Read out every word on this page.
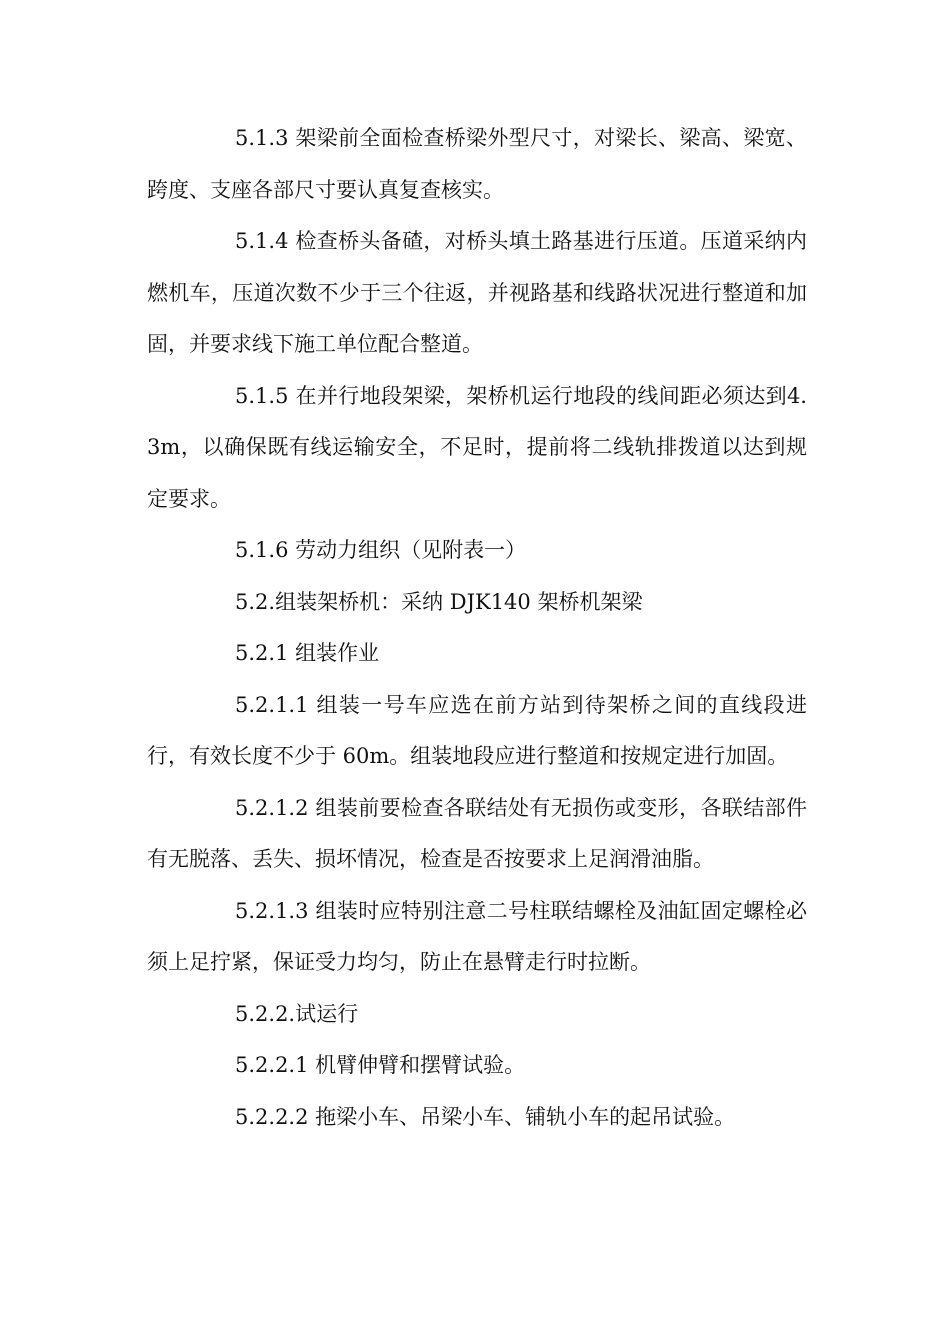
5.1.3 架梁前全面检查桥梁外型尺寸，对梁长、梁高、梁宽、跨度、支座各部尺寸要认真复查核实。

5.1.4 检查桥头备碴，对桥头填土路基进行压道。压道采纳内燃机车，压道次数不少于三个往返，并视路基和线路状况进行整道和加固，并要求线下施工单位配合整道。

5.1.5 在并行地段架梁，架桥机运行地段的线间距必须达到4.3m，以确保既有线运输安全，不足时，提前将二线轨排拨道以达到规定要求。

5.1.6 劳动力组织（见附表一）

5.2.组装架桥机：采纳 DJK140 架桥机架梁

5.2.1 组装作业

5.2.1.1 组装一号车应选在前方站到待架桥之间的直线段进行，有效长度不少于 60m。组装地段应进行整道和按规定进行加固。

5.2.1.2 组装前要检查各联结处有无损伤或变形，各联结部件有无脱落、丢失、损坏情况，检查是否按要求上足润滑油脂。

5.2.1.3 组装时应特别注意二号柱联结螺栓及油缸固定螺栓必须上足拧紧，保证受力均匀，防止在悬臂走行时拉断。

5.2.2.试运行

5.2.2.1 机臂伸臂和摆臂试验。

5.2.2.2 拖梁小车、吊梁小车、铺轨小车的起吊试验。
